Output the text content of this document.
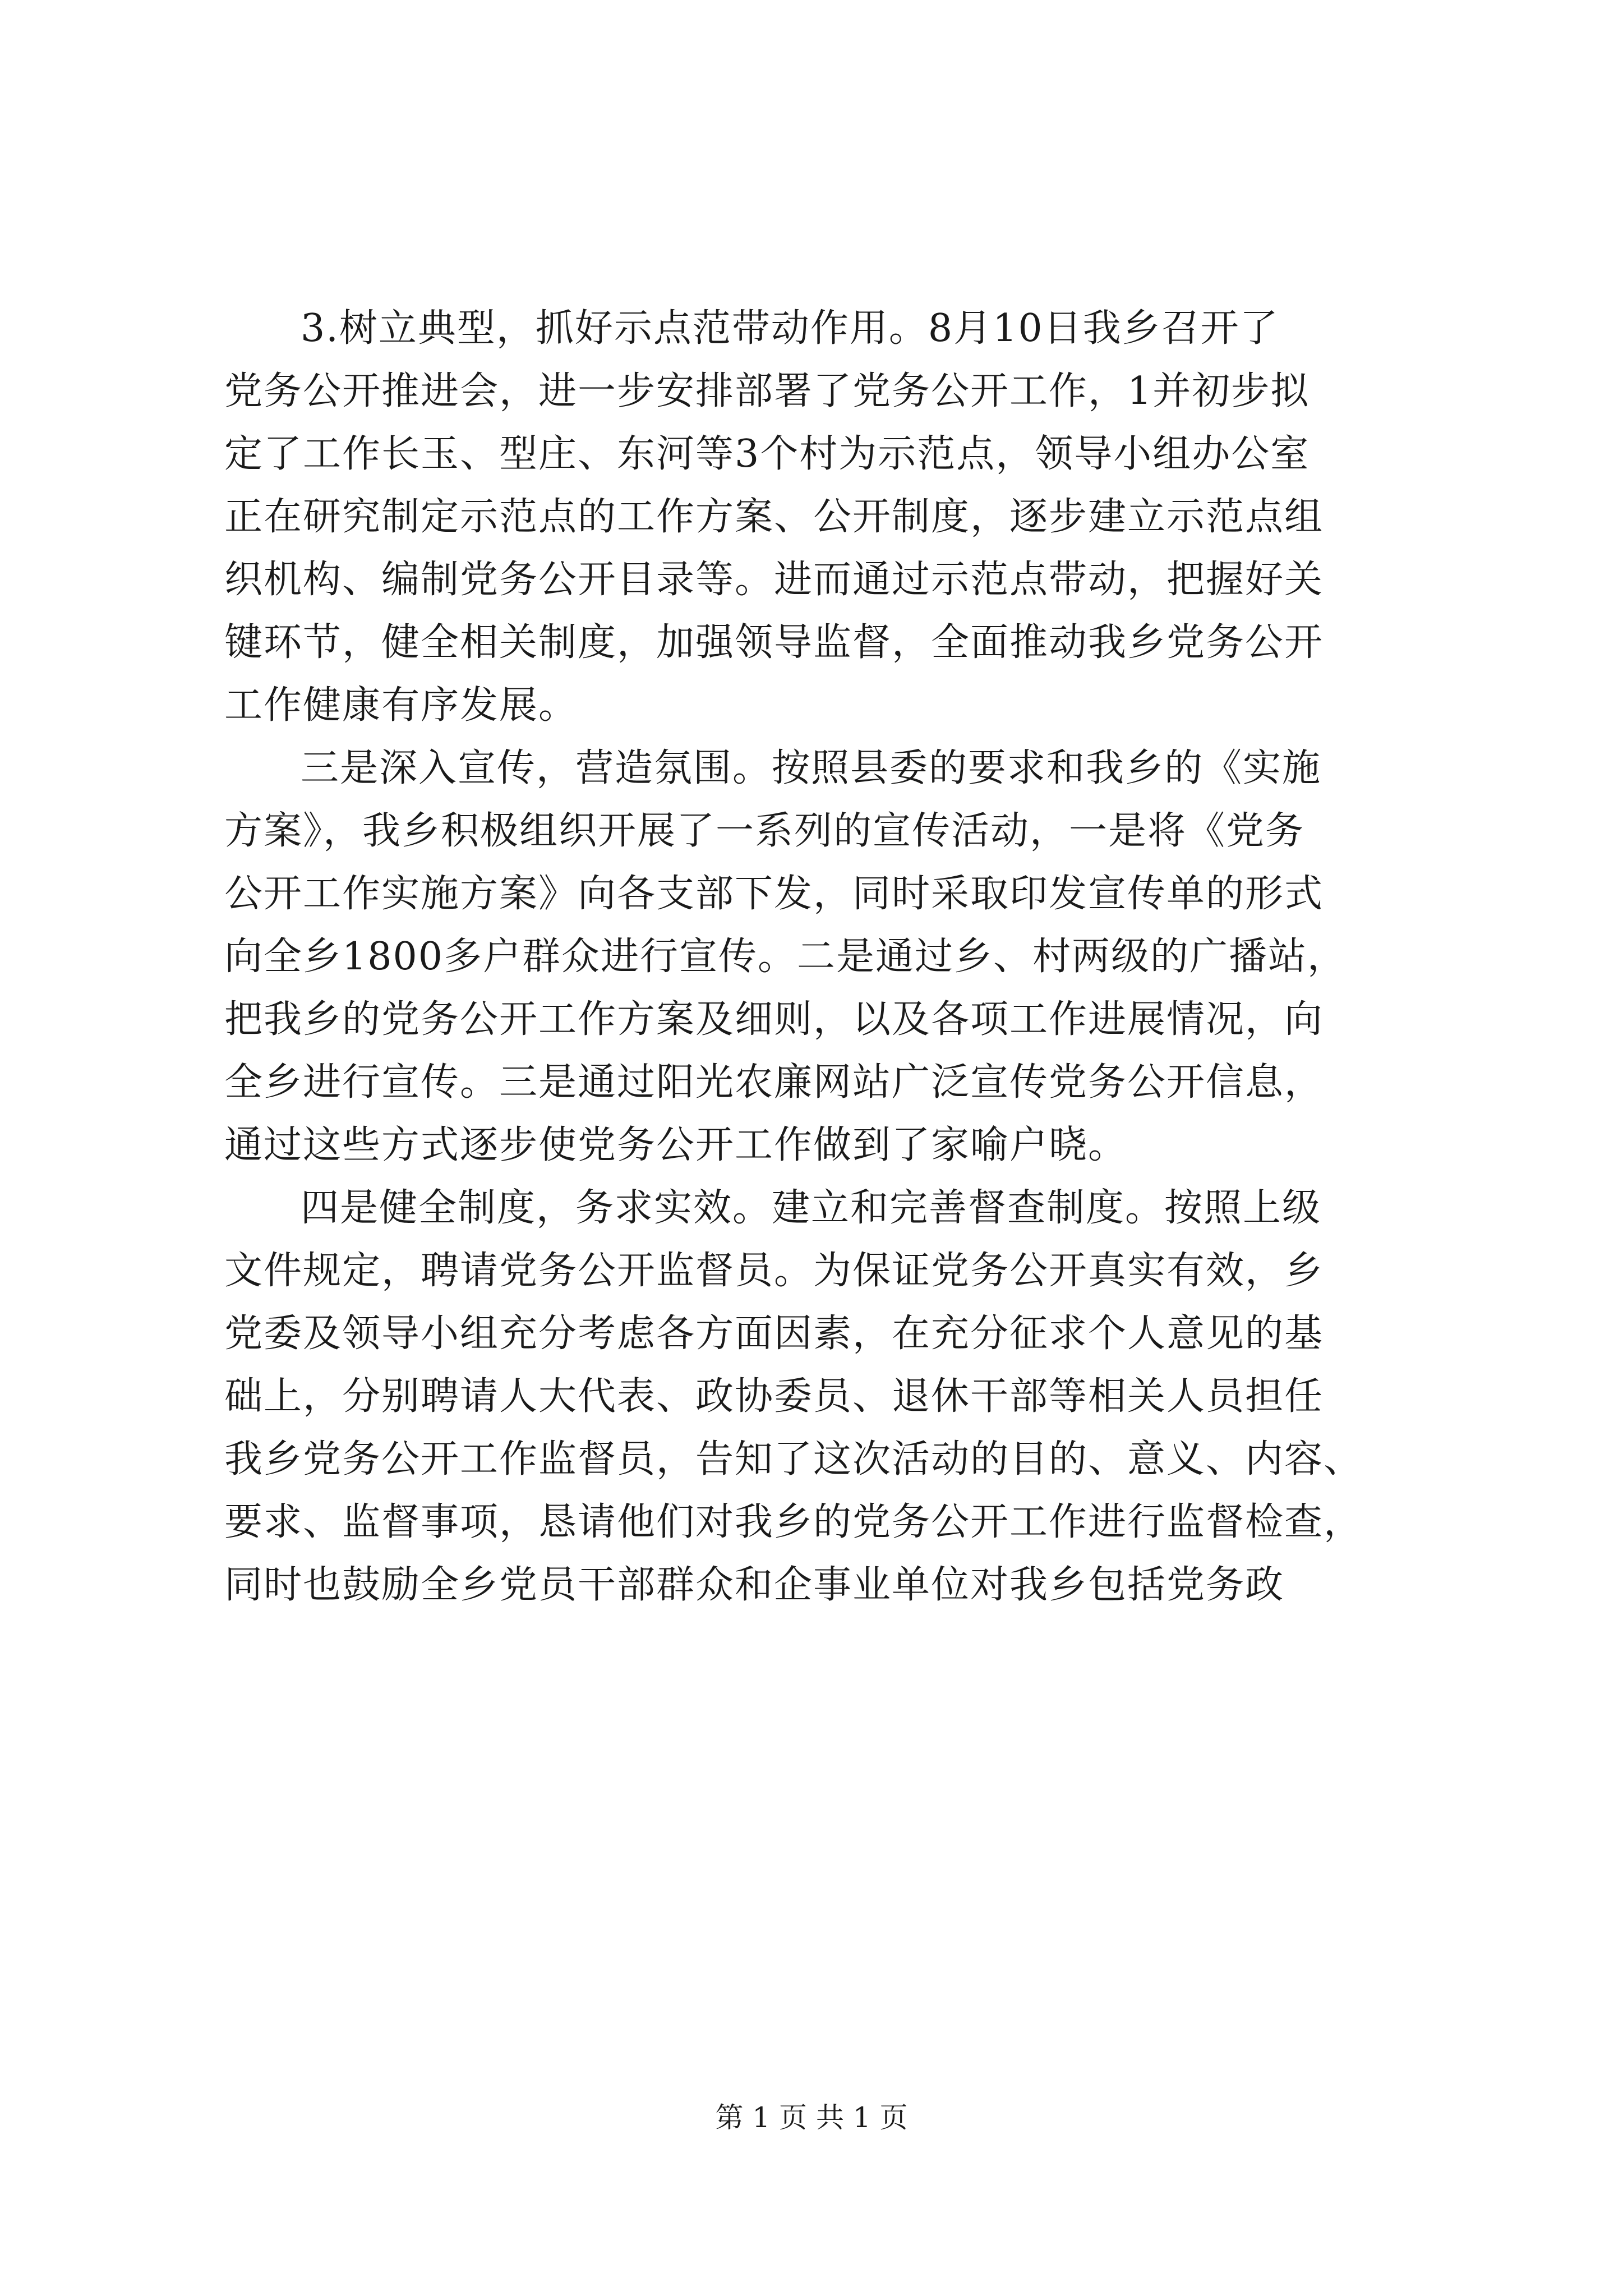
3.树立典型，抓好示点范带动作用。8月10日我乡召开了
党务公开推进会，进一步安排部署了党务公开工作，1并初步拟
定了工作长玉、型庄、东河等3个村为示范点，领导小组办公室
正在研究制定示范点的工作方案、公开制度，逐步建立示范点组
织机构、编制党务公开目录等。进而通过示范点带动，把握好关
键环节，健全相关制度，加强领导监督，全面推动我乡党务公开
工作健康有序发展。
三是深入宣传，营造氛围。按照县委的要求和我乡的《实施
方案》，我乡积极组织开展了一系列的宣传活动，一是将《党务
公开工作实施方案》向各支部下发，同时采取印发宣传单的形式
向全乡1800多户群众进行宣传。二是通过乡、村两级的广播站，
把我乡的党务公开工作方案及细则，以及各项工作进展情况，向
全乡进行宣传。三是通过阳光农廉网站广泛宣传党务公开信息，
通过这些方式逐步使党务公开工作做到了家喻户晓。
四是健全制度，务求实效。建立和完善督查制度。按照上级
文件规定，聘请党务公开监督员。为保证党务公开真实有效，乡
党委及领导小组充分考虑各方面因素，在充分征求个人意见的基
础上，分别聘请人大代表、政协委员、退休干部等相关人员担任
我乡党务公开工作监督员，告知了这次活动的目的、意义、内容、
要求、监督事项，恳请他们对我乡的党务公开工作进行监督检查，
同时也鼓励全乡党员干部群众和企事业单位对我乡包括党务政
第 1 页 共 1 页
